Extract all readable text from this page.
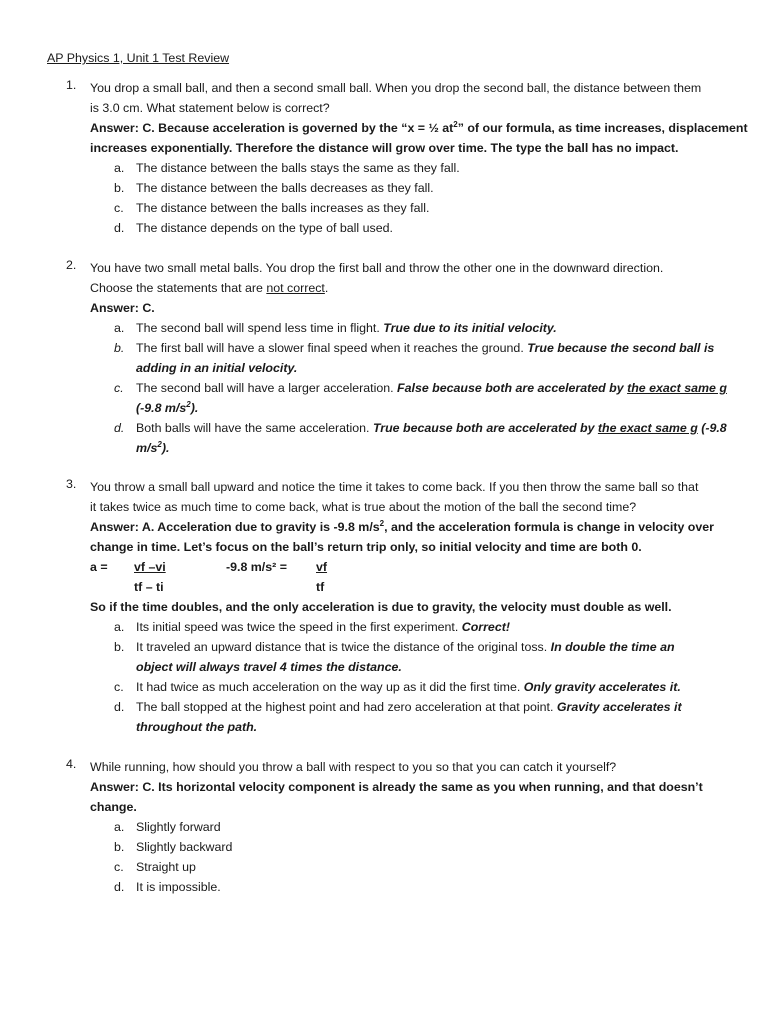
AP Physics 1, Unit 1 Test Review
1.	You drop a small ball, and then a second small ball. When you drop the second ball, the distance between them
is 3.0 cm. What statement below is correct?
Answer: C. Because acceleration is governed by the “x = ½ $at^2$” of our formula, as time increases, displacement
increases exponentially. Therefore the distance will grow over time. The type the ball has no impact.
a. The distance between the balls stays the same as they fall.
b. The distance between the balls decreases as they fall.
c. The distance between the balls increases as they fall.
d. The distance depends on the type of ball used.
2.	You have two small metal balls. You drop the first ball and throw the other one in the downward direction.
Choose the statements that are not correct.
Answer: C.
a. The second ball will spend less time in flight. True due to its initial velocity.
b. The first ball will have a slower final speed when it reaches the ground. True because the second ball is
adding in an initial velocity.
c. The second ball will have a larger acceleration. False because both are accelerated by the exact same g
(-9.8 $m/s^2$).
d. Both balls will have the same acceleration. True because both are accelerated by the exact same g (-9.8
$m/s^2$).
3.	You throw a small ball upward and notice the time it takes to come back. If you then throw the same ball so that
it takes twice as much time to come back, what is true about the motion of the ball the second time?
Answer: A. Acceleration due to gravity is -9.8 $m/s^2$, and the acceleration formula is change in velocity over
change in time. Let’s focus on the ball’s return trip only, so initial velocity and time are both 0.
a = vf –vi	-9.8 m/s² = vf
tf – ti	tf
So if the time doubles, and the only acceleration is due to gravity, the velocity must double as well.
a. Its initial speed was twice the speed in the first experiment. Correct!
b. It traveled an upward distance that is twice the distance of the original toss. In double the time an
object will always travel 4 times the distance.
c. It had twice as much acceleration on the way up as it did the first time. Only gravity accelerates it.
d. The ball stopped at the highest point and had zero acceleration at that point. Gravity accelerates it
throughout the path.
4.	While running, how should you throw a ball with respect to you so that you can catch it yourself?
Answer: C. Its horizontal velocity component is already the same as you when running, and that doesn’t
change.
a. Slightly forward
b. Slightly backward
c. Straight up
d. It is impossible.
